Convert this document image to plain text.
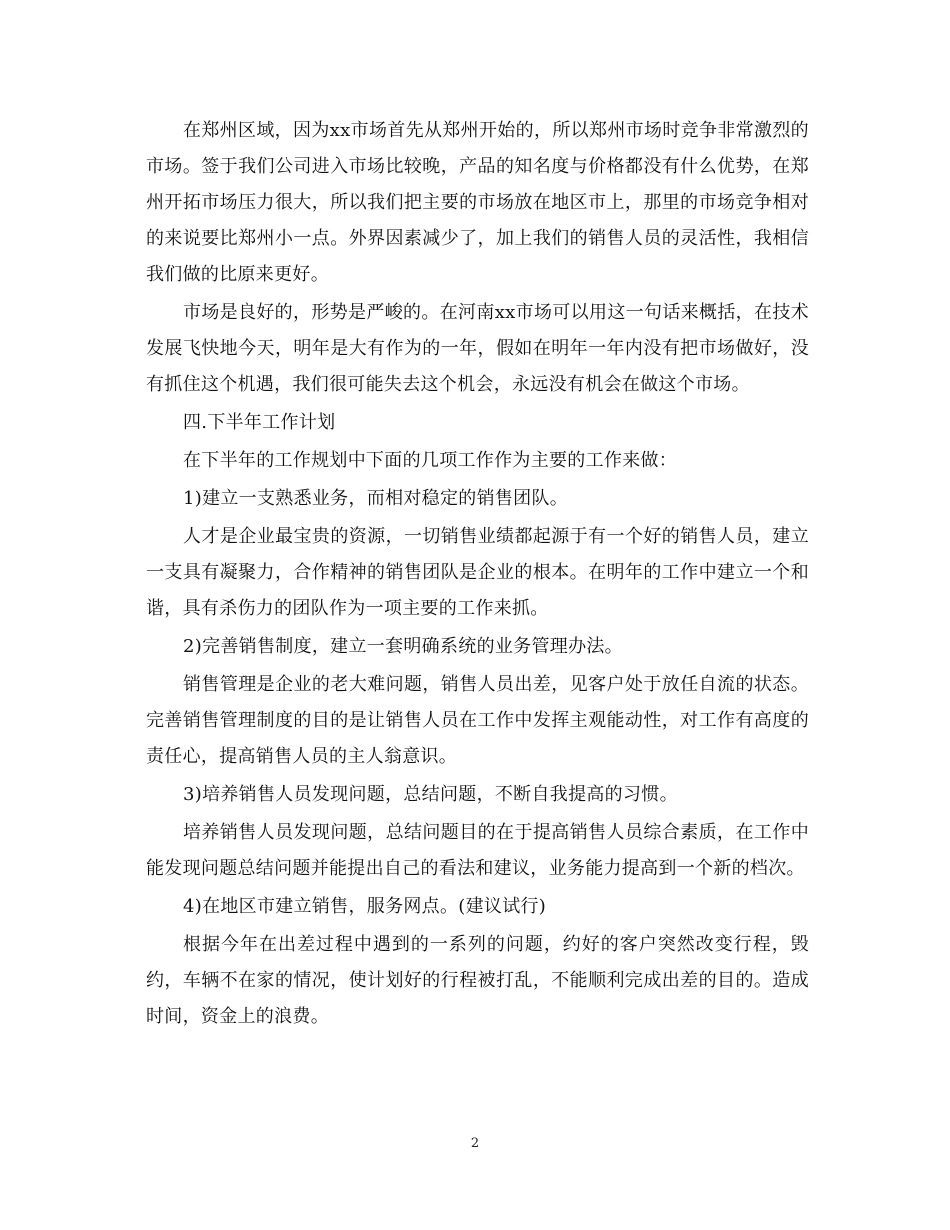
在郑州区域，因为xx市场首先从郑州开始的，所以郑州市场时竞争非常激烈的市场。签于我们公司进入市场比较晚，产品的知名度与价格都没有什么优势，在郑州开拓市场压力很大，所以我们把主要的市场放在地区市上，那里的市场竞争相对的来说要比郑州小一点。外界因素减少了，加上我们的销售人员的灵活性，我相信我们做的比原来更好。

市场是良好的，形势是严峻的。在河南xx市场可以用这一句话来概括，在技术发展飞快地今天，明年是大有作为的一年，假如在明年一年内没有把市场做好，没有抓住这个机遇，我们很可能失去这个机会，永远没有机会在做这个市场。

四.下半年工作计划

在下半年的工作规划中下面的几项工作作为主要的工作来做：

1)建立一支熟悉业务，而相对稳定的销售团队。

人才是企业最宝贵的资源，一切销售业绩都起源于有一个好的销售人员，建立一支具有凝聚力，合作精神的销售团队是企业的根本。在明年的工作中建立一个和谐，具有杀伤力的团队作为一项主要的工作来抓。

2)完善销售制度，建立一套明确系统的业务管理办法。

销售管理是企业的老大难问题，销售人员出差，见客户处于放任自流的状态。完善销售管理制度的目的是让销售人员在工作中发挥主观能动性，对工作有高度的责任心，提高销售人员的主人翁意识。

3)培养销售人员发现问题，总结问题，不断自我提高的习惯。

培养销售人员发现问题，总结问题目的在于提高销售人员综合素质，在工作中能发现问题总结问题并能提出自己的看法和建议，业务能力提高到一个新的档次。

4)在地区市建立销售，服务网点。(建议试行)

根据今年在出差过程中遇到的一系列的问题，约好的客户突然改变行程，毁约，车辆不在家的情况，使计划好的行程被打乱，不能顺利完成出差的目的。造成时间，资金上的浪费。

2
